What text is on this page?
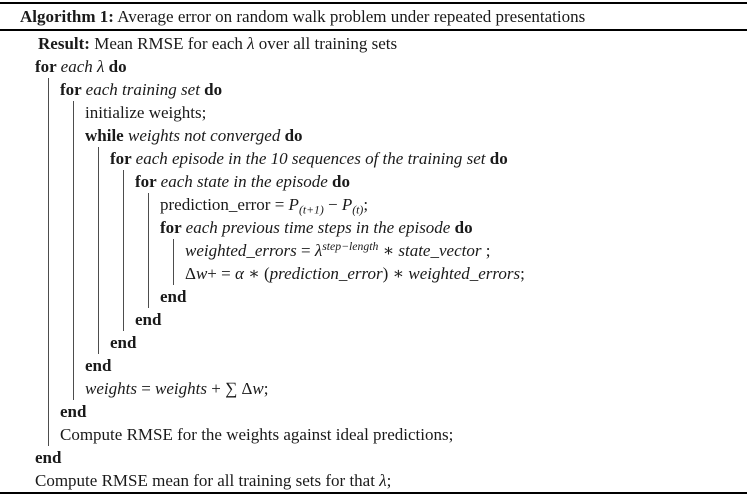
Algorithm 1: Average error on random walk problem under repeated presentations
Result: Mean RMSE for each λ over all training sets
for each λ do
for each training set do
initialize weights;
while weights not converged do
for each episode in the 10 sequences of the training set do
for each state in the episode do
prediction_error = $P_{(t+1)} - P_{(t)}$;
for each previous time steps in the episode do
weighted_errors = $\lambda^{step-length}$ ∗ state_vector ;
Δw+ = α ∗ (prediction_error) ∗ weighted_errors;
end
end
end
end
weights = weights + ∑ Δw;
end
Compute RMSE for the weights against ideal predictions;
end
Compute RMSE mean for all training sets for that λ;
